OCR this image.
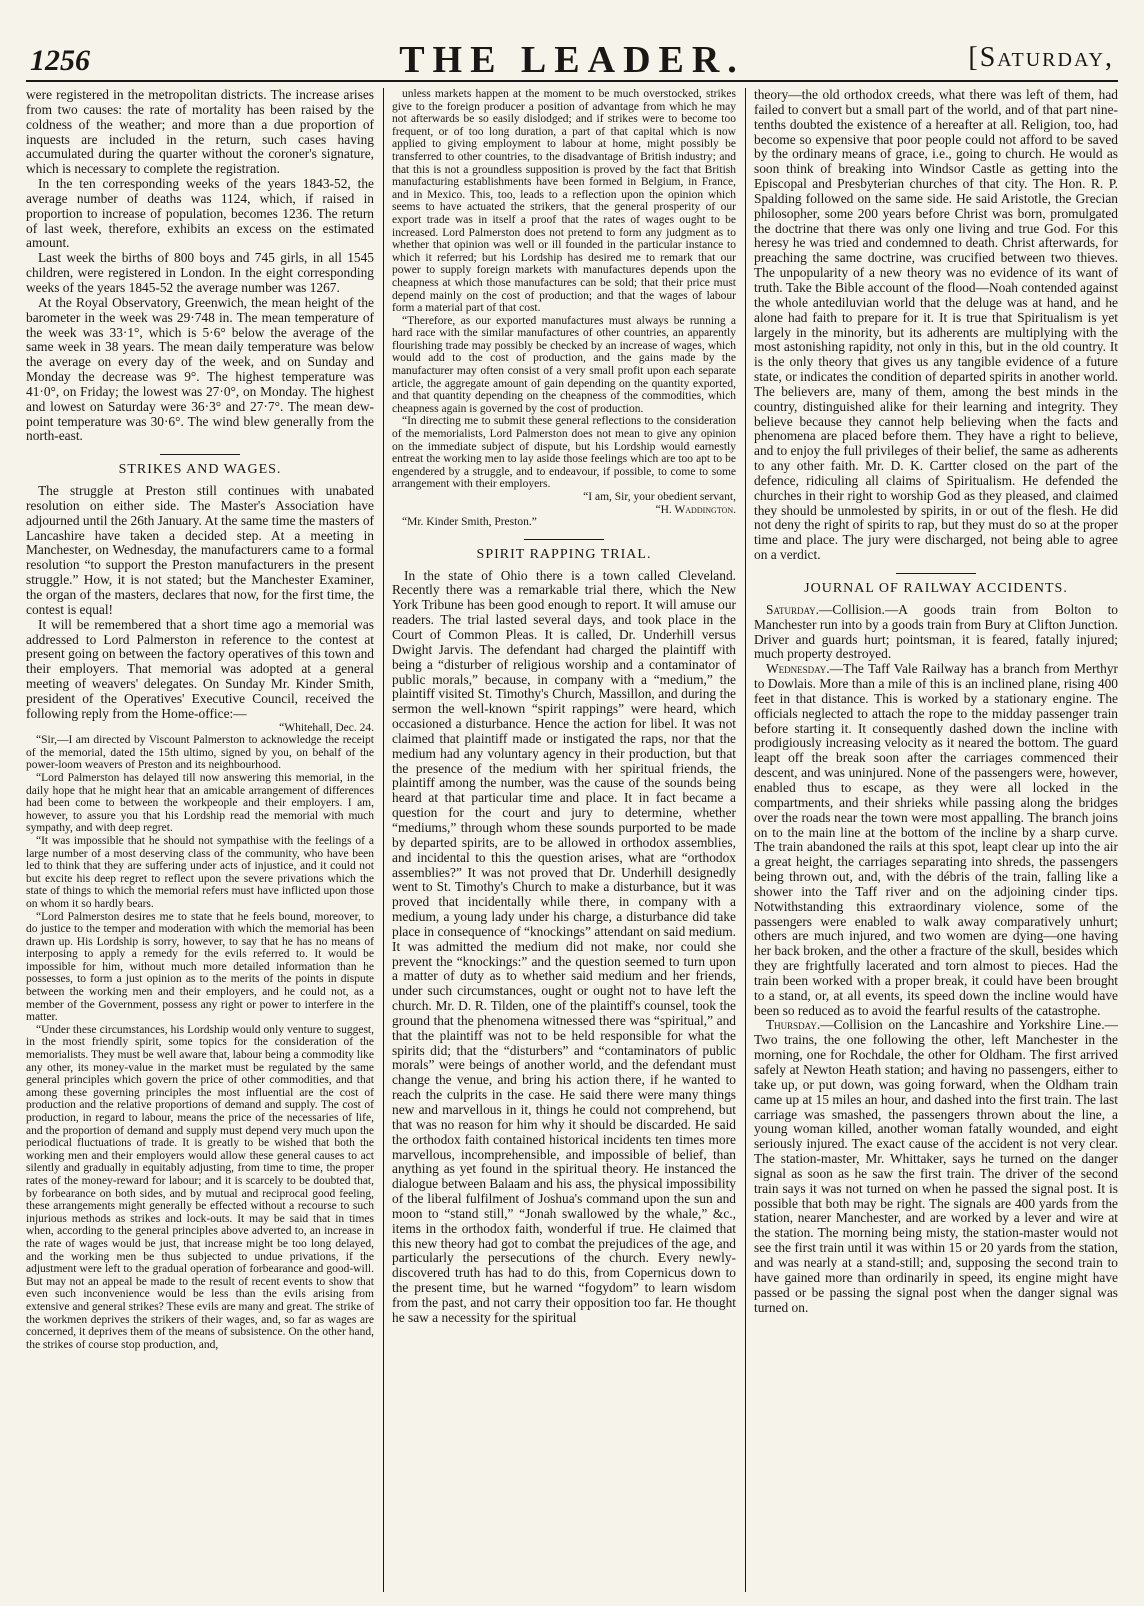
1256	THE LEADER.	[Saturday,

were registered in the metropolitan districts. The increase arises from two causes: the rate of mortality has been raised by the coldness of the weather; and more than a due proportion of inquests are included in the return, such cases having accumulated during the quarter without the coroner's signature, which is necessary to complete the registration.

In the ten corresponding weeks of the years 1843-52, the average number of deaths was 1124, which, if raised in proportion to increase of population, becomes 1236. The return of last week, therefore, exhibits an excess on the estimated amount.

Last week the births of 800 boys and 745 girls, in all 1545 children, were registered in London. In the eight corresponding weeks of the years 1845-52 the average number was 1267.

At the Royal Observatory, Greenwich, the mean height of the barometer in the week was 29·748 in. The mean temperature of the week was 33·1°, which is 5·6° below the average of the same week in 38 years. The mean daily temperature was below the average on every day of the week, and on Sunday and Monday the decrease was 9°. The highest temperature was 41·0°, on Friday; the lowest was 27·0°, on Monday. The highest and lowest on Saturday were 36·3° and 27·7°. The mean dew-point temperature was 30·6°. The wind blew generally from the north-east.

STRIKES AND WAGES.

The struggle at Preston still continues with unabated resolution on either side. The Master's Association have adjourned until the 26th January. At the same time the masters of Lancashire have taken a decided step. At a meeting in Manchester, on Wednesday, the manufacturers came to a formal resolution “to support the Preston manufacturers in the present struggle.” How, it is not stated; but the Manchester Examiner, the organ of the masters, declares that now, for the first time, the contest is equal!

It will be remembered that a short time ago a memorial was addressed to Lord Palmerston in reference to the contest at present going on between the factory operatives of this town and their employers. That memorial was adopted at a general meeting of weavers' delegates. On Sunday Mr. Kinder Smith, president of the Operatives' Executive Council, received the following reply from the Home-office:—

“Whitehall, Dec. 24.

“Sir,—I am directed by Viscount Palmerston to acknowledge the receipt of the memorial, dated the 15th ultimo, signed by you, on behalf of the power-loom weavers of Preston and its neighbourhood.

“Lord Palmerston has delayed till now answering this memorial, in the daily hope that he might hear that an amicable arrangement of differences had been come to between the workpeople and their employers. I am, however, to assure you that his Lordship read the memorial with much sympathy, and with deep regret.

“It was impossible that he should not sympathise with the feelings of a large number of a most deserving class of the community, who have been led to think that they are suffering under acts of injustice, and it could not but excite his deep regret to reflect upon the severe privations which the state of things to which the memorial refers must have inflicted upon those on whom it so hardly bears.

“Lord Palmerston desires me to state that he feels bound, moreover, to do justice to the temper and moderation with which the memorial has been drawn up. His Lordship is sorry, however, to say that he has no means of interposing to apply a remedy for the evils referred to. It would be impossible for him, without much more detailed information than he possesses, to form a just opinion as to the merits of the points in dispute between the working men and their employers, and he could not, as a member of the Government, possess any right or power to interfere in the matter.

“Under these circumstances, his Lordship would only venture to suggest, in the most friendly spirit, some topics for the consideration of the memorialists. They must be well aware that, labour being a commodity like any other, its money-value in the market must be regulated by the same general principles which govern the price of other commodities, and that among these governing principles the most influential are the cost of production and the relative proportions of demand and supply. The cost of production, in regard to labour, means the price of the necessaries of life, and the proportion of demand and supply must depend very much upon the periodical fluctuations of trade. It is greatly to be wished that both the working men and their employers would allow these general causes to act silently and gradually in equitably adjusting, from time to time, the proper rates of the money-reward for labour; and it is scarcely to be doubted that, by forbearance on both sides, and by mutual and reciprocal good feeling, these arrangements might generally be effected without a recourse to such injurious methods as strikes and lock-outs. It may be said that in times when, according to the general principles above adverted to, an increase in the rate of wages would be just, that increase might be too long delayed, and the working men be thus subjected to undue privations, if the adjustment were left to the gradual operation of forbearance and good-will. But may not an appeal be made to the result of recent events to show that even such inconvenience would be less than the evils arising from extensive and general strikes? These evils are many and great. The strike of the workmen deprives the strikers of their wages, and, so far as wages are concerned, it deprives them of the means of subsistence. On the other hand, the strikes of course stop production, and,

unless markets happen at the moment to be much overstocked, strikes give to the foreign producer a position of advantage from which he may not afterwards be so easily dislodged; and if strikes were to become too frequent, or of too long duration, a part of that capital which is now applied to giving employment to labour at home, might possibly be transferred to other countries, to the disadvantage of British industry; and that this is not a groundless supposition is proved by the fact that British manufacturing establishments have been formed in Belgium, in France, and in Mexico. This, too, leads to a reflection upon the opinion which seems to have actuated the strikers, that the general prosperity of our export trade was in itself a proof that the rates of wages ought to be increased. Lord Palmerston does not pretend to form any judgment as to whether that opinion was well or ill founded in the particular instance to which it referred; but his Lordship has desired me to remark that our power to supply foreign markets with manufactures depends upon the cheapness at which those manufactures can be sold; that their price must depend mainly on the cost of production; and that the wages of labour form a material part of that cost.

“Therefore, as our exported manufactures must always be running a hard race with the similar manufactures of other countries, an apparently flourishing trade may possibly be checked by an increase of wages, which would add to the cost of production, and the gains made by the manufacturer may often consist of a very small profit upon each separate article, the aggregate amount of gain depending on the quantity exported, and that quantity depending on the cheapness of the commodities, which cheapness again is governed by the cost of production.

“In directing me to submit these general reflections to the consideration of the memorialists, Lord Palmerston does not mean to give any opinion on the immediate subject of dispute, but his Lordship would earnestly entreat the working men to lay aside those feelings which are too apt to be engendered by a struggle, and to endeavour, if possible, to come to some arrangement with their employers.

“I am, Sir, your obedient servant,

“H. Waddington.

“Mr. Kinder Smith, Preston.”

SPIRIT RAPPING TRIAL.

In the state of Ohio there is a town called Cleveland. Recently there was a remarkable trial there, which the New York Tribune has been good enough to report. It will amuse our readers. The trial lasted several days, and took place in the Court of Common Pleas. It is called, Dr. Underhill versus Dwight Jarvis. The defendant had charged the plaintiff with being a “disturber of religious worship and a contaminator of public morals,” because, in company with a “medium,” the plaintiff visited St. Timothy's Church, Massillon, and during the sermon the well-known “spirit rappings” were heard, which occasioned a disturbance. Hence the action for libel. It was not claimed that plaintiff made or instigated the raps, nor that the medium had any voluntary agency in their production, but that the presence of the medium with her spiritual friends, the plaintiff among the number, was the cause of the sounds being heard at that particular time and place. It in fact became a question for the court and jury to determine, whether “mediums,” through whom these sounds purported to be made by departed spirits, are to be allowed in orthodox assemblies, and incidental to this the question arises, what are “orthodox assemblies?” It was not proved that Dr. Underhill designedly went to St. Timothy's Church to make a disturbance, but it was proved that incidentally while there, in company with a medium, a young lady under his charge, a disturbance did take place in consequence of “knockings” attendant on said medium. It was admitted the medium did not make, nor could she prevent the “knockings:” and the question seemed to turn upon a matter of duty as to whether said medium and her friends, under such circumstances, ought or ought not to have left the church. Mr. D. R. Tilden, one of the plaintiff's counsel, took the ground that the phenomena witnessed there was “spiritual,” and that the plaintiff was not to be held responsible for what the spirits did; that the “disturbers” and “contaminators of public morals” were beings of another world, and the defendant must change the venue, and bring his action there, if he wanted to reach the culprits in the case. He said there were many things new and marvellous in it, things he could not comprehend, but that was no reason for him why it should be discarded. He said the orthodox faith contained historical incidents ten times more marvellous, incomprehensible, and impossible of belief, than anything as yet found in the spiritual theory. He instanced the dialogue between Balaam and his ass, the physical impossibility of the liberal fulfilment of Joshua's command upon the sun and moon to “stand still,” “Jonah swallowed by the whale,” &c., items in the orthodox faith, wonderful if true. He claimed that this new theory had got to combat the prejudices of the age, and particularly the persecutions of the church. Every newly-discovered truth has had to do this, from Copernicus down to the present time, but he warned “fogydom” to learn wisdom from the past, and not carry their opposition too far. He thought he saw a necessity for the spiritual

theory—the old orthodox creeds, what there was left of them, had failed to convert but a small part of the world, and of that part nine-tenths doubted the existence of a hereafter at all. Religion, too, had become so expensive that poor people could not afford to be saved by the ordinary means of grace, i.e., going to church. He would as soon think of breaking into Windsor Castle as getting into the Episcopal and Presbyterian churches of that city. The Hon. R. P. Spalding followed on the same side. He said Aristotle, the Grecian philosopher, some 200 years before Christ was born, promulgated the doctrine that there was only one living and true God. For this heresy he was tried and condemned to death. Christ afterwards, for preaching the same doctrine, was crucified between two thieves. The unpopularity of a new theory was no evidence of its want of truth. Take the Bible account of the flood—Noah contended against the whole antediluvian world that the deluge was at hand, and he alone had faith to prepare for it. It is true that Spiritualism is yet largely in the minority, but its adherents are multiplying with the most astonishing rapidity, not only in this, but in the old country. It is the only theory that gives us any tangible evidence of a future state, or indicates the condition of departed spirits in another world. The believers are, many of them, among the best minds in the country, distinguished alike for their learning and integrity. They believe because they cannot help believing when the facts and phenomena are placed before them. They have a right to believe, and to enjoy the full privileges of their belief, the same as adherents to any other faith. Mr. D. K. Cartter closed on the part of the defence, ridiculing all claims of Spiritualism. He defended the churches in their right to worship God as they pleased, and claimed they should be unmolested by spirits, in or out of the flesh. He did not deny the right of spirits to rap, but they must do so at the proper time and place. The jury were discharged, not being able to agree on a verdict.

JOURNAL OF RAILWAY ACCIDENTS.

Saturday.—Collision.—A goods train from Bolton to Manchester run into by a goods train from Bury at Clifton Junction. Driver and guards hurt; pointsman, it is feared, fatally injured; much property destroyed.

Wednesday.—The Taff Vale Railway has a branch from Merthyr to Dowlais. More than a mile of this is an inclined plane, rising 400 feet in that distance. This is worked by a stationary engine. The officials neglected to attach the rope to the midday passenger train before starting it. It consequently dashed down the incline with prodigiously increasing velocity as it neared the bottom. The guard leapt off the break soon after the carriages commenced their descent, and was uninjured. None of the passengers were, however, enabled thus to escape, as they were all locked in the compartments, and their shrieks while passing along the bridges over the roads near the town were most appalling. The branch joins on to the main line at the bottom of the incline by a sharp curve. The train abandoned the rails at this spot, leapt clear up into the air a great height, the carriages separating into shreds, the passengers being thrown out, and, with the débris of the train, falling like a shower into the Taff river and on the adjoining cinder tips. Notwithstanding this extraordinary violence, some of the passengers were enabled to walk away comparatively unhurt; others are much injured, and two women are dying—one having her back broken, and the other a fracture of the skull, besides which they are frightfully lacerated and torn almost to pieces. Had the train been worked with a proper break, it could have been brought to a stand, or, at all events, its speed down the incline would have been so reduced as to avoid the fearful results of the catastrophe.

Thursday.—Collision on the Lancashire and Yorkshire Line.—Two trains, the one following the other, left Manchester in the morning, one for Rochdale, the other for Oldham. The first arrived safely at Newton Heath station; and having no passengers, either to take up, or put down, was going forward, when the Oldham train came up at 15 miles an hour, and dashed into the first train. The last carriage was smashed, the passengers thrown about the line, a young woman killed, another woman fatally wounded, and eight seriously injured. The exact cause of the accident is not very clear. The station-master, Mr. Whittaker, says he turned on the danger signal as soon as he saw the first train. The driver of the second train says it was not turned on when he passed the signal post. It is possible that both may be right. The signals are 400 yards from the station, nearer Manchester, and are worked by a lever and wire at the station. The morning being misty, the station-master would not see the first train until it was within 15 or 20 yards from the station, and was nearly at a stand-still; and, supposing the second train to have gained more than ordinarily in speed, its engine might have passed or be passing the signal post when the danger signal was turned on.
